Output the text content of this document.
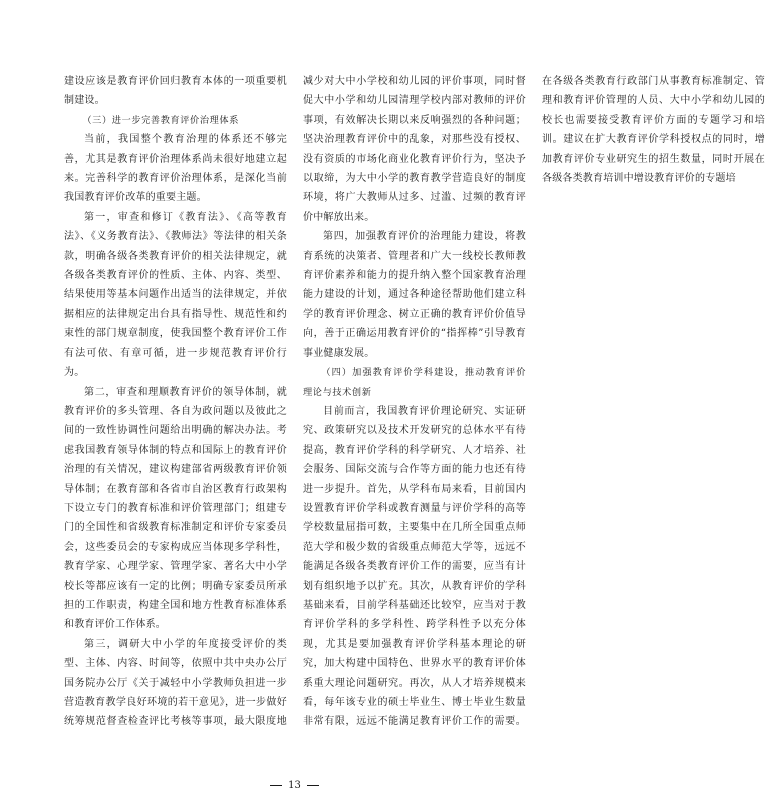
建设应该是教育评价回归教育本体的一项重要机制建设。

（三）进一步完善教育评价治理体系

当前，我国整个教育治理的体系还不够完善，尤其是教育评价治理体系尚未很好地建立起来。完善科学的教育评价治理体系，是深化当前我国教育评价改革的重要主题。

第一，审查和修订《教育法》、《高等教育法》、《义务教育法》、《教师法》等法律的相关条款，明确各级各类教育评价的相关法律规定，就各级各类教育评价的性质、主体、内容、类型、结果使用等基本问题作出适当的法律规定，并依据相应的法律规定出台具有指导性、规范性和约束性的部门规章制度，使我国整个教育评价工作有法可依、有章可循，进一步规范教育评价行为。

第二，审查和理顺教育评价的领导体制，就教育评价的多头管理、各自为政问题以及彼此之间的一致性协调性问题给出明确的解决办法。考虑我国教育领导体制的特点和国际上的教育评价治理的有关情况，建议构建部省两级教育评价领导体制；在教育部和各省市自治区教育行政架构下设立专门的教育标准和评价管理部门；组建专门的全国性和省级教育标准制定和评价专家委员会，这些委员会的专家构成应当体现多学科性，教育学家、心理学家、管理学家、著名大中小学校长等都应该有一定的比例；明确专家委员所承担的工作职责，构建全国和地方性教育标准体系和教育评价工作体系。

第三，调研大中小学的年度接受评价的类型、主体、内容、时间等，依照中共中央办公厅国务院办公厅《关于减轻中小学教师负担进一步营造教育教学良好环境的若干意见》，进一步做好统筹规范督查检查评比考核等事项，最大限度地减少对大中小学校和幼儿园的评价事项，同时督促大中小学和幼儿园清理学校内部对教师的评价事项，有效解决长期以来反响强烈的各种问题；坚决治理教育评价中的乱象，对那些没有授权、没有资质的市场化商业化教育评价行为，坚决予以取缔，为大中小学的教育教学营造良好的制度环境，将广大教师从过多、过滥、过频的教育评价中解放出来。

第四，加强教育评价的治理能力建设，将教育系统的决策者、管理者和广大一线校长教师教育评价素养和能力的提升纳入整个国家教育治理能力建设的计划，通过各种途径帮助他们建立科学的教育评价理念、树立正确的教育评价价值导向，善于正确运用教育评价的“指挥棒”引导教育事业健康发展。

（四）加强教育评价学科建设，推动教育评价理论与技术创新

目前而言，我国教育评价理论研究、实证研究、政策研究以及技术开发研究的总体水平有待提高，教育评价学科的科学研究、人才培养、社会服务、国际交流与合作等方面的能力也还有待进一步提升。首先，从学科布局来看，目前国内设置教育评价学科或教育测量与评价学科的高等学校数量屈指可数，主要集中在几所全国重点师范大学和极少数的省级重点师范大学等，远远不能满足各级各类教育评价工作的需要，应当有计划有组织地予以扩充。其次，从教育评价的学科基础来看，目前学科基础还比较窄，应当对于教育评价学科的多学科性、跨学科性予以充分体现，尤其是要加强教育评价学科基本理论的研究，加大构建中国特色、世界水平的教育评价体系重大理论问题研究。再次，从人才培养规模来看，每年该专业的硕士毕业生、博士毕业生数量非常有限，远远不能满足教育评价工作的需要。在各级各类教育行政部门从事教育标准制定、管理和教育评价管理的人员、大中小学和幼儿园的校长也需要接受教育评价方面的专题学习和培训。建议在扩大教育评价学科授权点的同时，增加教育评价专业研究生的招生数量，同时开展在各级各类教育培训中增设教育评价的专题培

13
